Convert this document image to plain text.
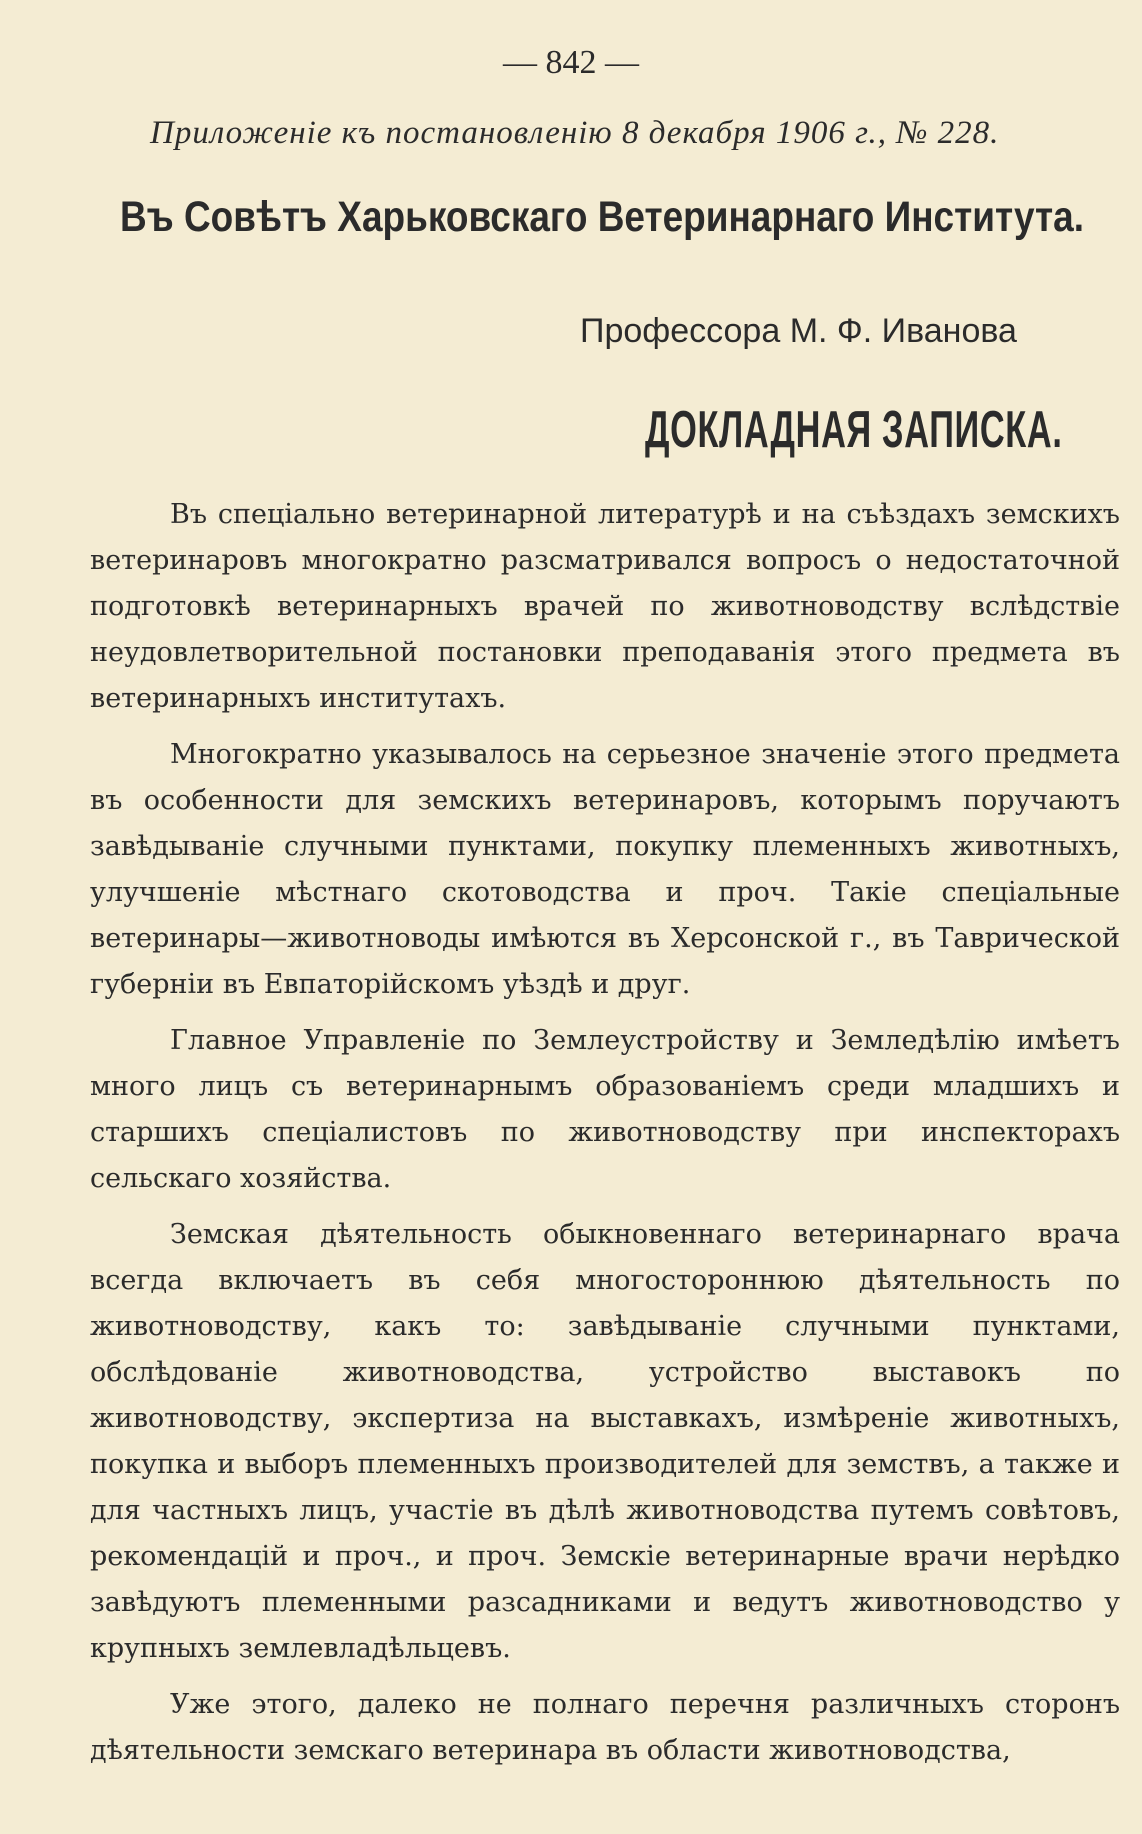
— 842 —
Приложенiе къ постановленiю 8 декабря 1906 г., № 228.
Въ Совѣтъ Харьковскаго Ветеринарнаго Института.
Профессора М. Ф. Иванова
ДОКЛАДНАЯ ЗАПИСКА.

Въ спецiально ветеринарной литературѣ и на съѣздахъ земскихъ ветеринаровъ многократно разсматривался вопросъ о недостаточной подготовкѣ ветеринарныхъ врачей по животноводству вслѣдствiе неудовлетворительной постановки преподаванiя этого предмета въ ветеринарныхъ институтахъ.

Многократно указывалось на серьезное значенiе этого предмета въ особенности для земскихъ ветеринаровъ, которымъ поручаютъ завѣдыванiе случными пунктами, покупку племенныхъ животныхъ, улучшенiе мѣстнаго скотоводства и проч. Такiе спецiальные ветеринары—животноводы имѣются въ Херсонской г., въ Таврической губернiи въ Евпаторiйскомъ уѣздѣ и друг.

Главное Управленiе по Землеустройству и Земледѣлiю имѣетъ много лицъ съ ветеринарнымъ образованiемъ среди младшихъ и старшихъ спецiалистовъ по животноводству при инспекторахъ сельскаго хозяйства.

Земская дѣятельность обыкновеннаго ветеринарнаго врача всегда включаетъ въ себя многостороннюю дѣятельность по животноводству, какъ то: завѣдыванiе случными пунктами, обслѣдованiе животноводства, устройство выставокъ по животноводству, экспертиза на выставкахъ, измѣренiе животныхъ, покупка и выборъ племенныхъ производителей для земствъ, а также и для частныхъ лицъ, участiе въ дѣлѣ животноводства путемъ совѣтовъ, рекомендацiй и проч., и проч. Земскiе ветеринарные врачи нерѣдко завѣдуютъ племенными разсадниками и ведутъ животноводство у крупныхъ землевладѣльцевъ.

Уже этого, далеко не полнаго перечня различныхъ сторонъ дѣятельности земскаго ветеринара въ области животноводства,
